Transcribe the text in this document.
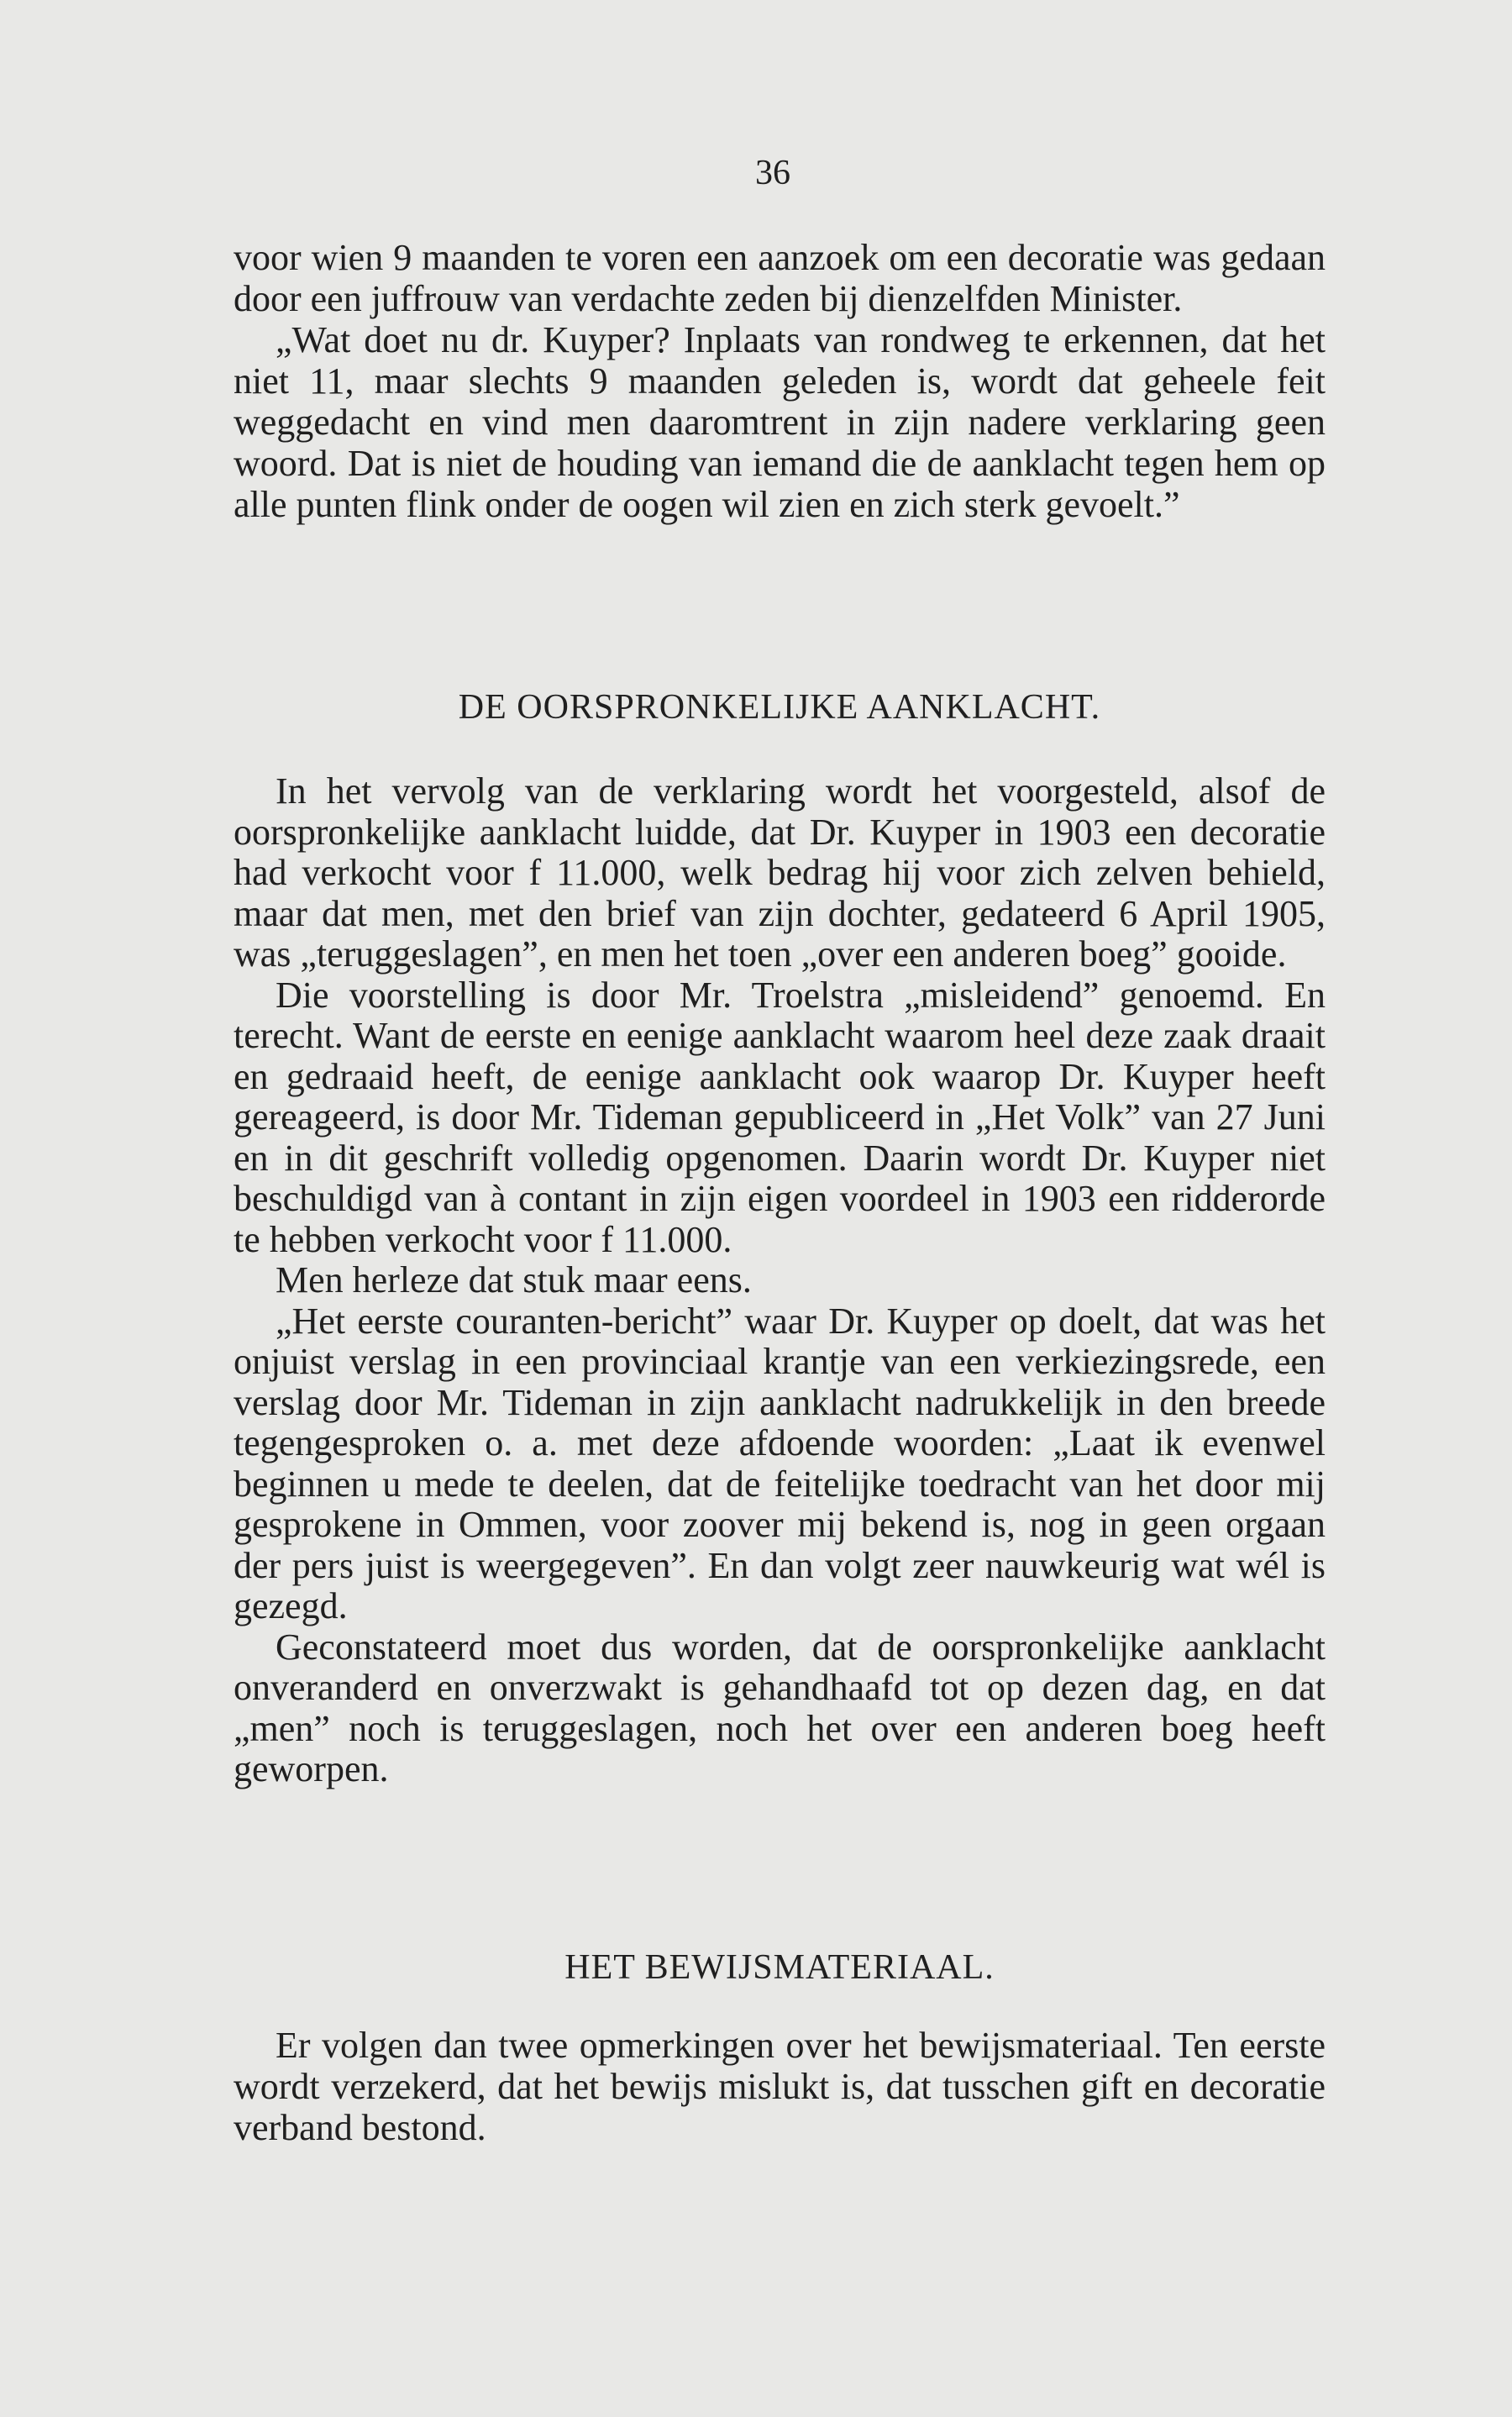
36

voor wien 9 maanden te voren een aanzoek om een decoratie was gedaan door een juffrouw van verdachte zeden bij dienzelfden Minister.

„Wat doet nu dr. Kuyper? Inplaats van rondweg te erkennen, dat het niet 11, maar slechts 9 maanden geleden is, wordt dat geheele feit weggedacht en vind men daaromtrent in zijn nadere verklaring geen woord. Dat is niet de houding van iemand die de aanklacht tegen hem op alle punten flink onder de oogen wil zien en zich sterk gevoelt.”

DE OORSPRONKELIJKE AANKLACHT.

In het vervolg van de verklaring wordt het voorgesteld, alsof de oorspronkelijke aanklacht luidde, dat Dr. Kuyper in 1903 een decoratie had verkocht voor f 11.000, welk bedrag hij voor zich zelven behield, maar dat men, met den brief van zijn dochter, gedateerd 6 April 1905, was „teruggeslagen”, en men het toen „over een anderen boeg” gooide.

Die voorstelling is door Mr. Troelstra „misleidend” genoemd. En terecht. Want de eerste en eenige aanklacht waarom heel deze zaak draait en gedraaid heeft, de eenige aanklacht ook waarop Dr. Kuyper heeft gereageerd, is door Mr. Tideman gepubliceerd in „Het Volk” van 27 Juni en in dit geschrift volledig opgenomen. Daarin wordt Dr. Kuyper niet beschuldigd van à contant in zijn eigen voordeel in 1903 een ridderorde te hebben verkocht voor f 11.000.

Men herleze dat stuk maar eens.

„Het eerste couranten-bericht” waar Dr. Kuyper op doelt, dat was het onjuist verslag in een provinciaal krantje van een verkiezingsrede, een verslag door Mr. Tideman in zijn aanklacht nadrukkelijk in den breede tegengesproken o. a. met deze afdoende woorden: „Laat ik evenwel beginnen u mede te deelen, dat de feitelijke toedracht van het door mij gesprokene in Ommen, voor zoover mij bekend is, nog in geen orgaan der pers juist is weergegeven”. En dan volgt zeer nauwkeurig wat wél is gezegd.

Geconstateerd moet dus worden, dat de oorspronkelijke aanklacht onveranderd en onverzwakt is gehandhaafd tot op dezen dag, en dat „men” noch is teruggeslagen, noch het over een anderen boeg heeft geworpen.

HET BEWIJSMATERIAAL.

Er volgen dan twee opmerkingen over het bewijsmateriaal. Ten eerste wordt verzekerd, dat het bewijs mislukt is, dat tusschen gift en decoratie verband bestond.
